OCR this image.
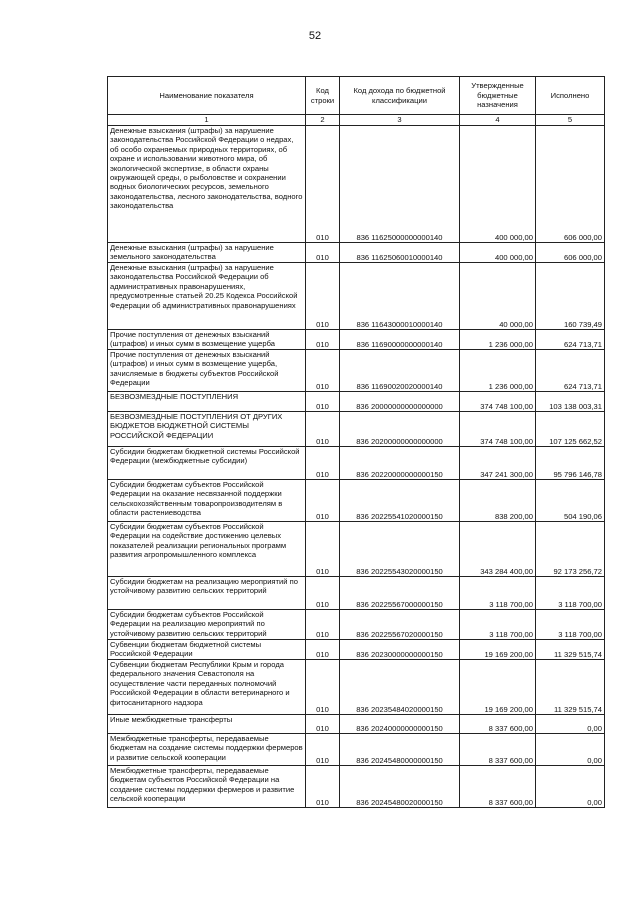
52
Наименование показателя	Код строки	Код дохода по бюджетной классификации	Утвержденные бюджетные назначения	Исполнено
1	2	3	4	5
Денежные взыскания (штрафы) за нарушение законодательства Российской Федерации о недрах, об особо охраняемых природных территориях, об охране и использовании животного мира, об экологической экспертизе, в области охраны окружающей среды, о рыболовстве и сохранении водных биологических ресурсов, земельного законодательства, лесного законодательства, водного законодательства	010	836 11625000000000140	400 000,00	606 000,00
Денежные взыскания (штрафы) за нарушение земельного законодательства	010	836 11625060010000140	400 000,00	606 000,00
Денежные взыскания (штрафы) за нарушение законодательства Российской Федерации об административных правонарушениях, предусмотренные статьей 20.25 Кодекса Российской Федерации об административных правонарушениях	010	836 11643000010000140	40 000,00	160 739,49
Прочие поступления от денежных взысканий (штрафов) и иных сумм в возмещение ущерба	010	836 11690000000000140	1 236 000,00	624 713,71
Прочие поступления от денежных взысканий (штрафов) и иных сумм в возмещение ущерба, зачисляемые в бюджеты субъектов Российской Федерации	010	836 11690020020000140	1 236 000,00	624 713,71
БЕЗВОЗМЕЗДНЫЕ ПОСТУПЛЕНИЯ	010	836 20000000000000000	374 748 100,00	103 138 003,31
БЕЗВОЗМЕЗДНЫЕ ПОСТУПЛЕНИЯ ОТ ДРУГИХ БЮДЖЕТОВ БЮДЖЕТНОЙ СИСТЕМЫ РОССИЙСКОЙ ФЕДЕРАЦИИ	010	836 20200000000000000	374 748 100,00	107 125 662,52
Субсидии бюджетам бюджетной системы Российской Федерации (межбюджетные субсидии)	010	836 20220000000000150	347 241 300,00	95 796 146,78
Субсидии бюджетам субъектов Российской Федерации на оказание несвязанной поддержки сельскохозяйственным товаропроизводителям в области растениеводства	010	836 20225541020000150	838 200,00	504 190,06
Субсидии бюджетам субъектов Российской Федерации на содействие достижению целевых показателей реализации региональных программ развития агропромышленного комплекса	010	836 20225543020000150	343 284 400,00	92 173 256,72
Субсидии бюджетам на реализацию мероприятий по устойчивому развитию сельских территорий	010	836 20225567000000150	3 118 700,00	3 118 700,00
Субсидии бюджетам субъектов Российской Федерации на реализацию мероприятий по устойчивому развитию сельских территорий	010	836 20225567020000150	3 118 700,00	3 118 700,00
Субвенции бюджетам бюджетной системы Российской Федерации	010	836 20230000000000150	19 169 200,00	11 329 515,74
Субвенции бюджетам Республики Крым и города федерального значения Севастополя на осуществление части переданных полномочий Российской Федерации в области ветеринарного и фитосанитарного надзора	010	836 20235484020000150	19 169 200,00	11 329 515,74
Иные межбюджетные трансферты	010	836 20240000000000150	8 337 600,00	0,00
Межбюджетные трансферты, передаваемые бюджетам на создание системы поддержки фермеров и развитие сельской кооперации	010	836 20245480000000150	8 337 600,00	0,00
Межбюджетные трансферты, передаваемые бюджетам субъектов Российской Федерации на создание системы поддержки фермеров и развитие сельской кооперации	010	836 20245480020000150	8 337 600,00	0,00
